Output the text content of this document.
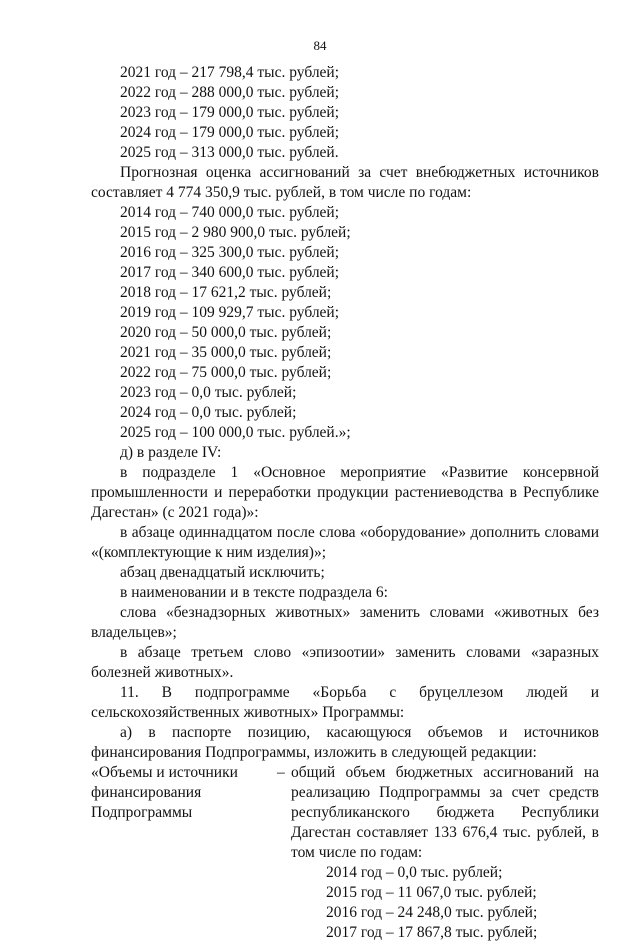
84
2021 год – 217 798,4 тыс. рублей;
2022 год – 288 000,0 тыс. рублей;
2023 год – 179 000,0 тыс. рублей;
2024 год – 179 000,0 тыс. рублей;
2025 год – 313 000,0 тыс. рублей.

Прогнозная оценка ассигнований за счет внебюджетных источников составляет 4 774 350,9 тыс. рублей, в том числе по годам:

2014 год – 740 000,0 тыс. рублей;
2015 год – 2 980 900,0 тыс. рублей;
2016 год – 325 300,0 тыс. рублей;
2017 год – 340 600,0 тыс. рублей;
2018 год – 17 621,2 тыс. рублей;
2019 год – 109 929,7 тыс. рублей;
2020 год – 50 000,0 тыс. рублей;
2021 год – 35 000,0 тыс. рублей;
2022 год – 75 000,0 тыс. рублей;
2023 год – 0,0 тыс. рублей;
2024 год – 0,0 тыс. рублей;
2025 год – 100 000,0 тыс. рублей.»;

д) в разделе IV:

в подразделе 1 «Основное мероприятие «Развитие консервной промышленности и переработки продукции растениеводства в Республике Дагестан» (с 2021 года)»:

в абзаце одиннадцатом после слова «оборудование» дополнить словами «(комплектующие к ним изделия)»;

абзац двенадцатый исключить;

в наименовании и в тексте подраздела 6:

слова «безнадзорных животных» заменить словами «животных без владельцев»;

в абзаце третьем слово «эпизоотии» заменить словами «заразных болезней животных».

11. В подпрограмме «Борьба с бруцеллезом людей и сельскохозяйственных животных» Программы:

а) в паспорте позицию, касающуюся объемов и источников финансирования Подпрограммы, изложить в следующей редакции:

«Объемы и источники финансирования Подпрограммы
– общий объем бюджетных ассигнований на реализацию Подпрограммы за счет средств республиканского бюджета Республики Дагестан составляет 133 676,4 тыс. рублей, в том числе по годам:
2014 год – 0,0 тыс. рублей;
2015 год – 11 067,0 тыс. рублей;
2016 год – 24 248,0 тыс. рублей;
2017 год – 17 867,8 тыс. рублей;
